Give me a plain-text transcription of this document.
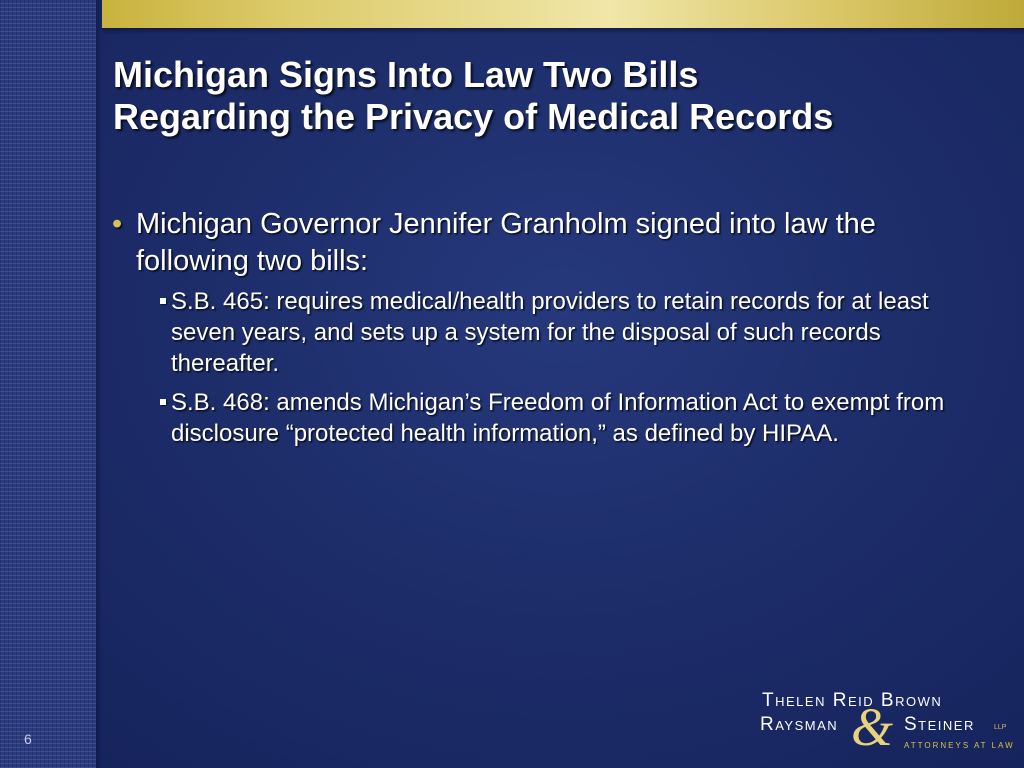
Michigan Signs Into Law Two Bills
Regarding the Privacy of Medical Records
• Michigan Governor Jennifer Granholm signed into law the following two bills:
S.B. 465: requires medical/health providers to retain records for at least seven years, and sets up a system for the disposal of such records thereafter.
S.B. 468: amends Michigan’s Freedom of Information Act to exempt from disclosure “protected health information,” as defined by HIPAA.
6
Thelen Reid Brown
Raysman & Steiner	LLP
ATTORNEYS AT LAW
